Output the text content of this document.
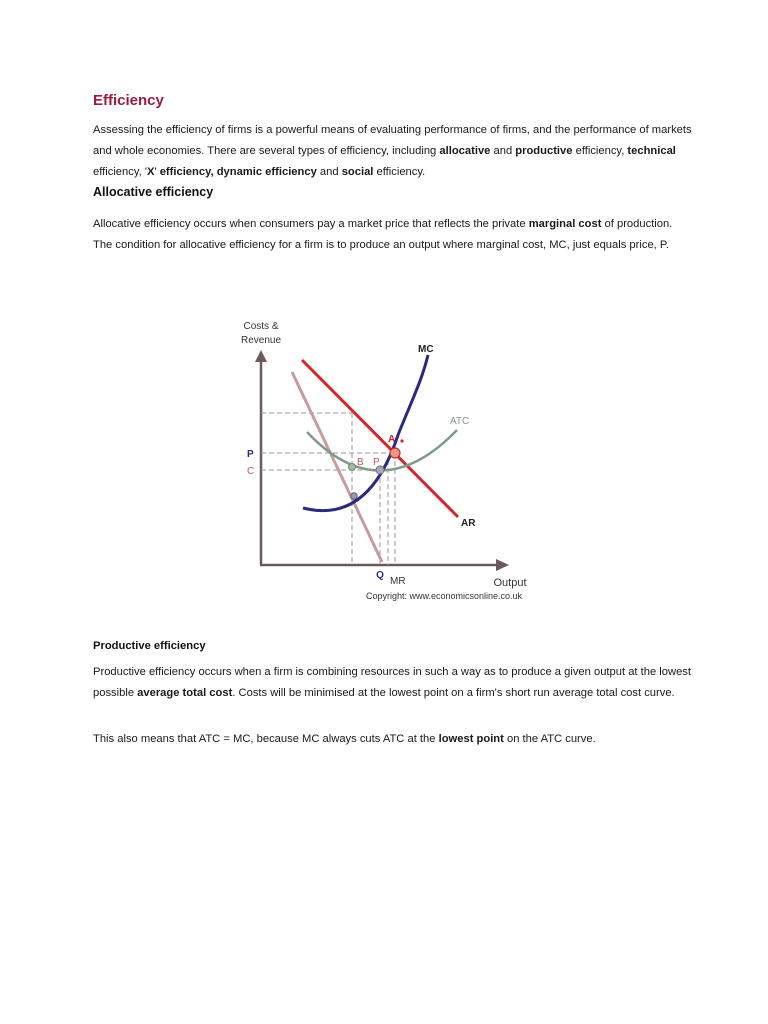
Efficiency

Assessing the efficiency of firms is a powerful means of evaluating performance of firms, and the performance of markets and whole economies. There are several types of efficiency, including allocative and productive efficiency, technical efficiency, 'X' efficiency, dynamic efficiency and social efficiency.

Allocative efficiency

Allocative efficiency occurs when consumers pay a market price that reflects the private marginal cost of production. The condition for allocative efficiency for a firm is to produce an output where marginal cost, MC, just equals price, P.

Costs &
Revenue
Output
Copyright: www.economicsonline.co.uk
P
C
Q
A
B P
MC
ATC
AR
MR
Productive efficiency

Productive efficiency occurs when a firm is combining resources in such a way as to produce a given output at the lowest possible average total cost. Costs will be minimised at the lowest point on a firm's short run average total cost curve.

This also means that ATC = MC, because MC always cuts ATC at the lowest point on the ATC curve.
